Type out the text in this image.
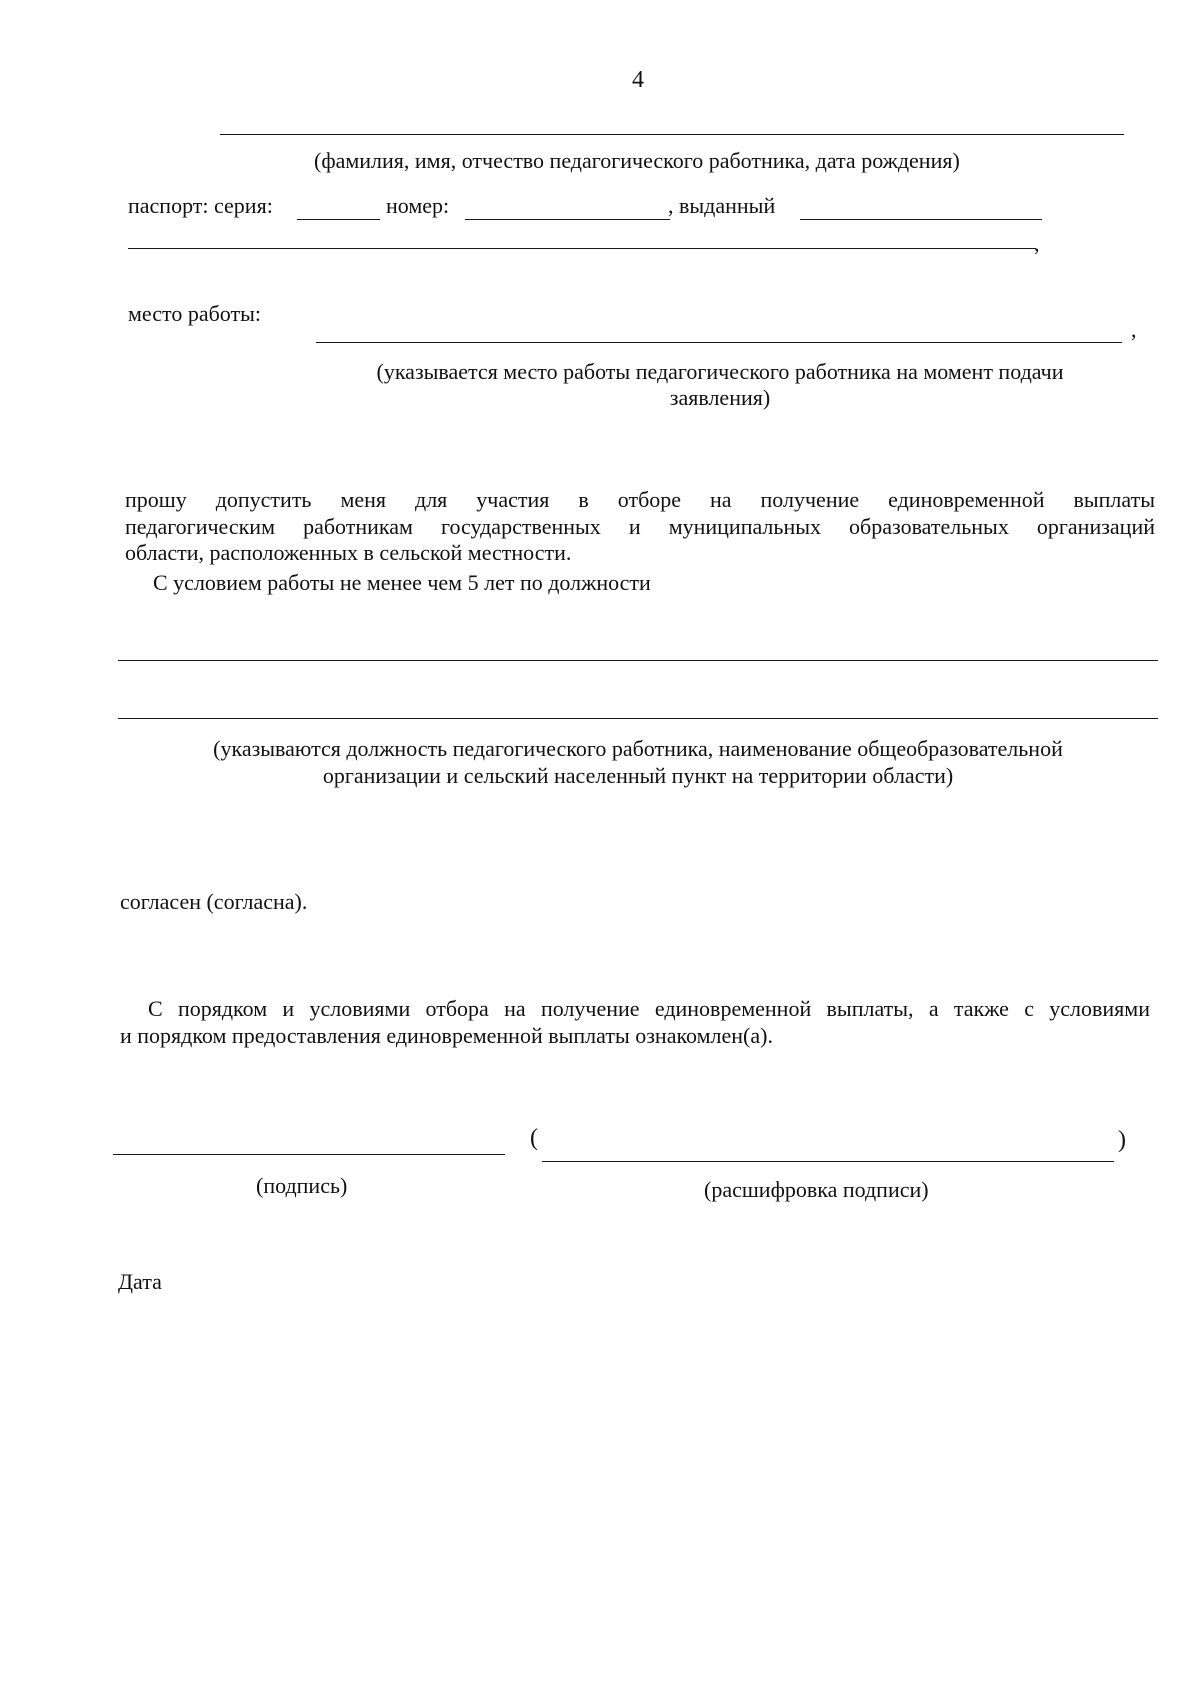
4
(фамилия, имя, отчество педагогического работника, дата рождения)
паспорт: серия:	номер:	, выданный
,
место работы:
,
(указывается место работы педагогического работника на момент подачи
заявления)
прошу допустить меня для участия в отборе на получение единовременной выплаты
педагогическим работникам государственных и муниципальных образовательных организаций
области, расположенных в сельской местности.
С условием работы не менее чем 5 лет по должности
(указываются должность педагогического работника, наименование общеобразовательной
организации и сельский населенный пункт на территории области)
согласен (согласна).
С порядком и условиями отбора на получение единовременной выплаты, а также с условиями
и порядком предоставления единовременной выплаты ознакомлен(а).
(	)
(подпись)	(расшифровка подписи)
Дата
